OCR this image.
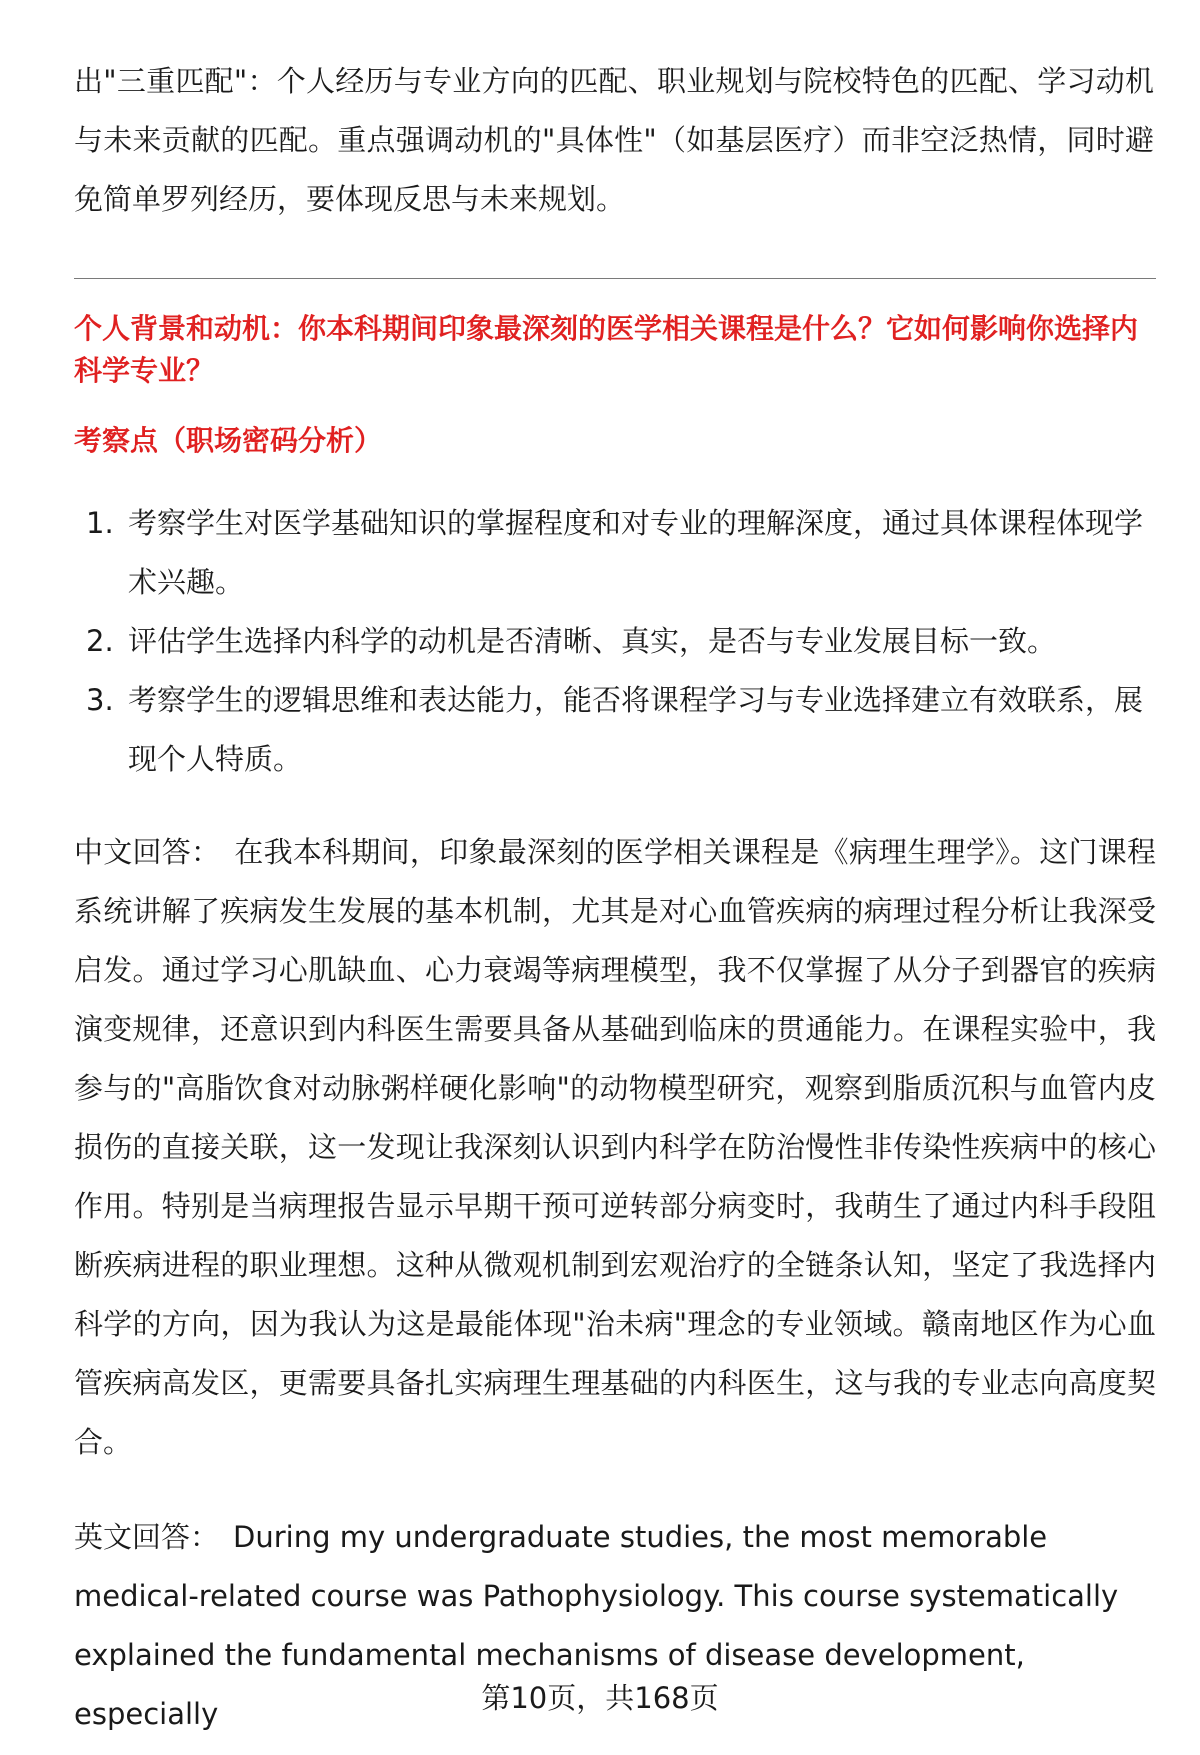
出"三重匹配"：个人经历与专业方向的匹配、职业规划与院校特色的匹配、学习动机与未来贡献的匹配。重点强调动机的"具体性"（如基层医疗）而非空泛热情，同时避免简单罗列经历，要体现反思与未来规划。

个人背景和动机：你本科期间印象最深刻的医学相关课程是什么？它如何影响你选择内科学专业？

考察点（职场密码分析）

1. 考察学生对医学基础知识的掌握程度和对专业的理解深度，通过具体课程体现学术兴趣。
2. 评估学生选择内科学的动机是否清晰、真实，是否与专业发展目标一致。
3. 考察学生的逻辑思维和表达能力，能否将课程学习与专业选择建立有效联系，展现个人特质。

中文回答： 在我本科期间，印象最深刻的医学相关课程是《病理生理学》。这门课程系统讲解了疾病发生发展的基本机制，尤其是对心血管疾病的病理过程分析让我深受启发。通过学习心肌缺血、心力衰竭等病理模型，我不仅掌握了从分子到器官的疾病演变规律，还意识到内科医生需要具备从基础到临床的贯通能力。在课程实验中，我参与的"高脂饮食对动脉粥样硬化影响"的动物模型研究，观察到脂质沉积与血管内皮损伤的直接关联，这一发现让我深刻认识到内科学在防治慢性非传染性疾病中的核心作用。特别是当病理报告显示早期干预可逆转部分病变时，我萌生了通过内科手段阻断疾病进程的职业理想。这种从微观机制到宏观治疗的全链条认知，坚定了我选择内科学的方向，因为我认为这是最能体现"治未病"理念的专业领域。赣南地区作为心血管疾病高发区，更需要具备扎实病理生理基础的内科医生，这与我的专业志向高度契合。

英文回答： During my undergraduate studies, the most memorable medical-related course was Pathophysiology. This course systematically explained the fundamental mechanisms of disease development, especially	第10页，共168页
